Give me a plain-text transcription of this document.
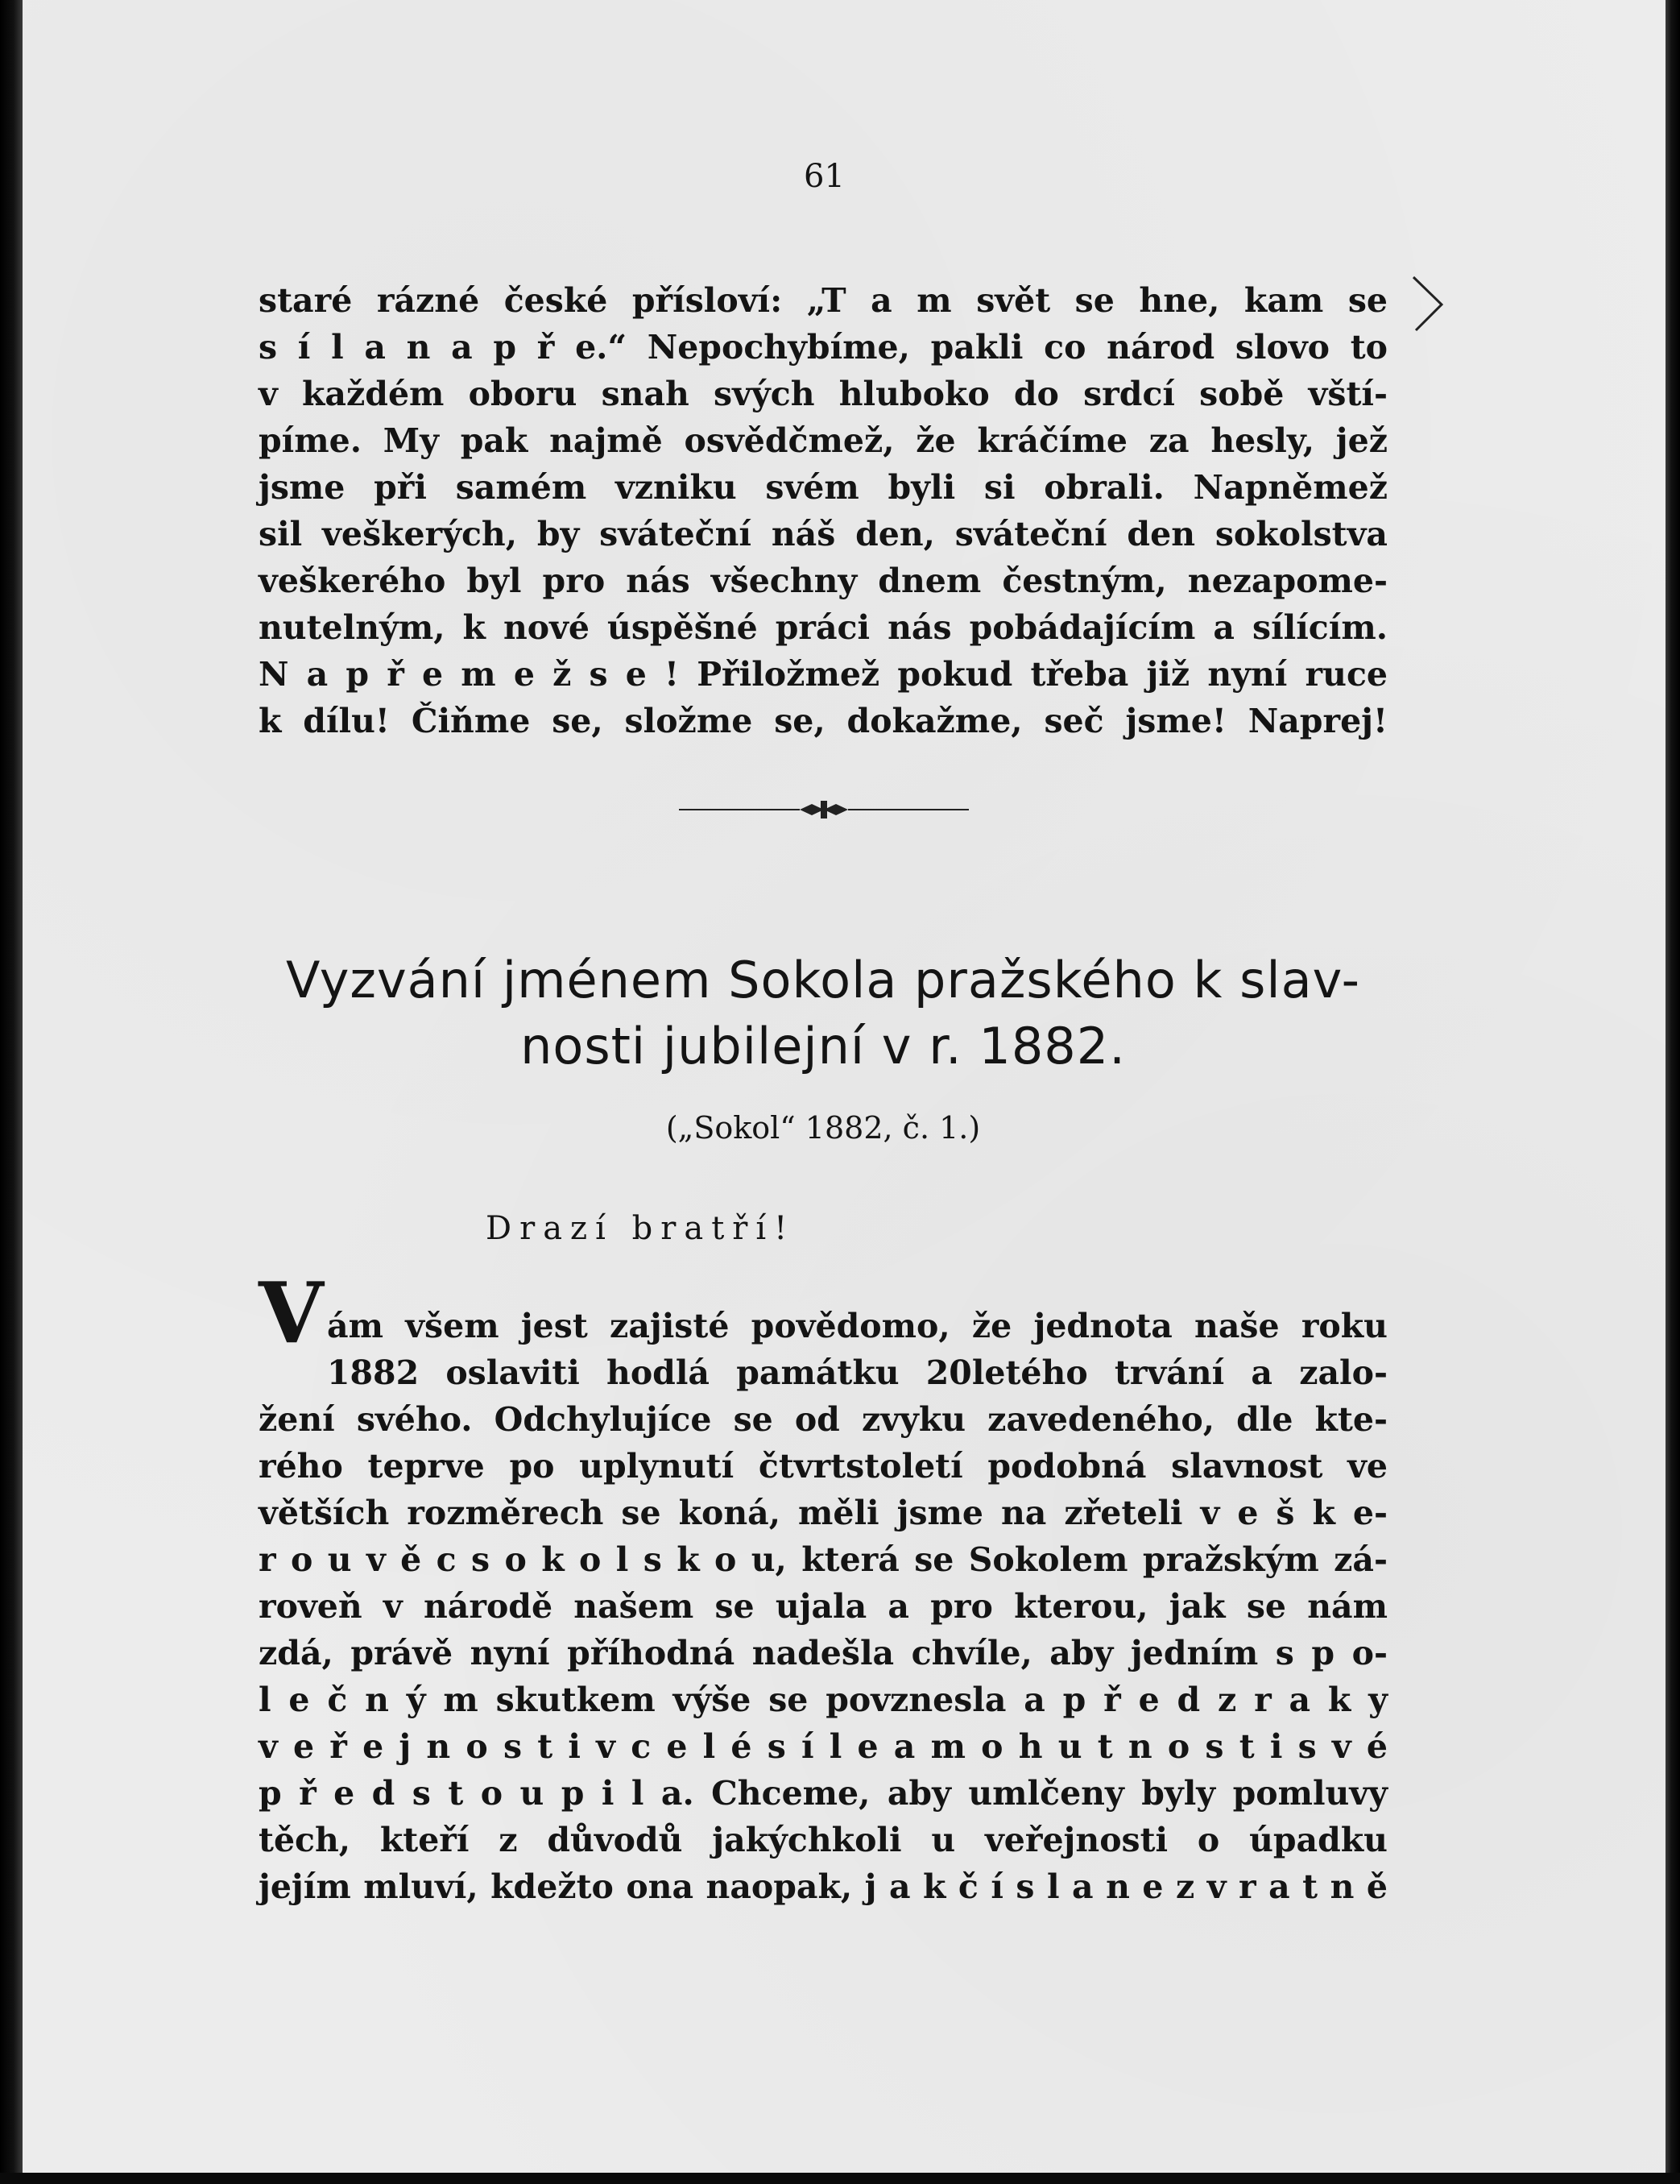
61
staré rázné české přísloví: „T a m svět se hne, kam se
s í l a n a p ř e.“ Nepochybíme, pakli co národ slovo to
v každém oboru snah svých hluboko do srdcí sobě vští-
píme. My pak najmě osvědčmež, že kráčíme za hesly, jež
jsme při samém vzniku svém byli si obrali. Napněmež
sil veškerých, by sváteční náš den, sváteční den sokolstva
veškerého byl pro nás všechny dnem čestným, nezapome-
nutelným, k nové úspěšné práci nás pobádajícím a sílícím.
N a p ř e m e ž s e ! Přiložmež pokud třeba již nyní ruce
k dílu! Čiňme se, složme se, dokažme, seč jsme! Naprej!
Vyzvání jménem Sokola pražského k slav-
nosti jubilejní v r. 1882.
(„Sokol“ 1882, č. 1.)
Drazí bratří!
V ám všem jest zajisté povědomo, že jednota naše roku
1882 oslaviti hodlá památku 20letého trvání a zalo-
žení svého. Odchylujíce se od zvyku zavedeného, dle kte-
rého teprve po uplynutí čtvrtstoletí podobná slavnost ve
větších rozměrech se koná, měli jsme na zřeteli v e š k e-
r o u v ě c s o k o l s k o u, která se Sokolem pražským zá-
roveň v národě našem se ujala a pro kterou, jak se nám
zdá, právě nyní příhodná nadešla chvíle, aby jedním s p o-
l e č n ý m skutkem výše se povznesla a p ř e d z r a k y
v e ř e j n o s t i v c e l é s í l e a m o h u t n o s t i s v é
p ř e d s t o u p i l a. Chceme, aby umlčeny byly pomluvy
těch, kteří z důvodů jakýchkoli u veřejnosti o úpadku
jejím mluví, kdežto ona naopak, j a k č í s l a n e z v r a t n ě
